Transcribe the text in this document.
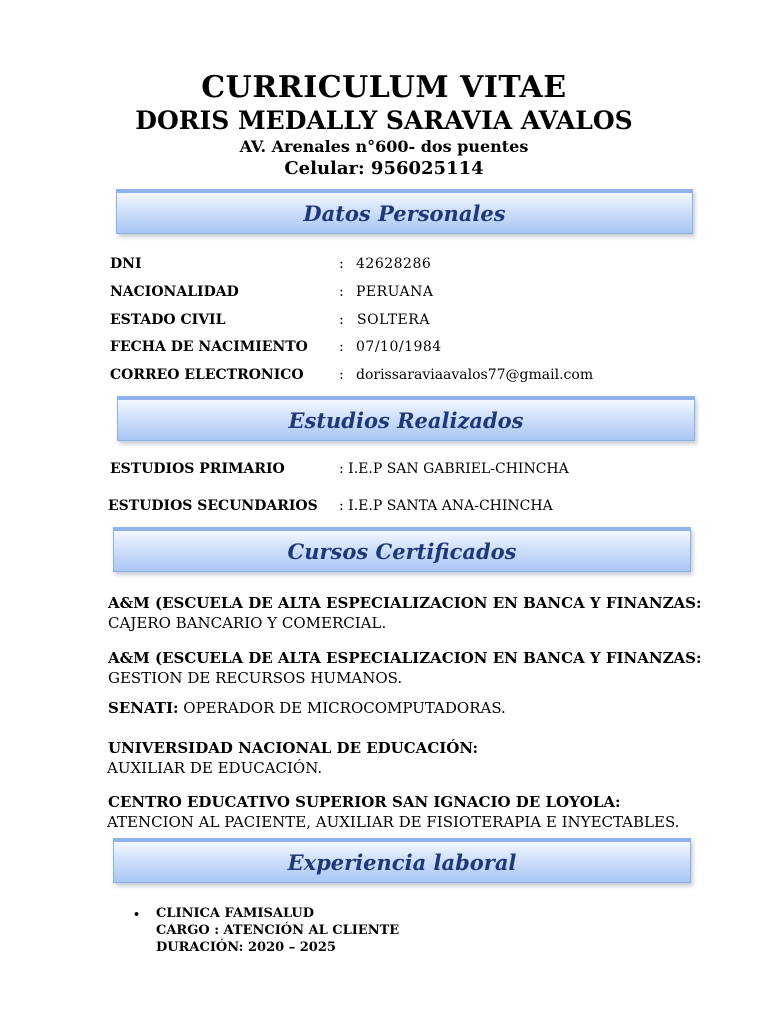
CURRICULUM VITAE
DORIS MEDALLY SARAVIA AVALOS
AV. Arenales n°600- dos puentes
Celular: 956025114
Datos Personales
DNI	: 42628286
NACIONALIDAD	: PERUANA
ESTADO CIVIL	: SOLTERA
FECHA DE NACIMIENTO : 07/10/1984
CORREO ELECTRONICO	: dorissaraviaavalos77@gmail.com
Estudios Realizados
ESTUDIOS PRIMARIO	: I.E.P SAN GABRIEL-CHINCHA
ESTUDIOS SECUNDARIOS : I.E.P SANTA ANA-CHINCHA
Cursos Certificados
A&M (ESCUELA DE ALTA ESPECIALIZACION EN BANCA Y FINANZAS:
CAJERO BANCARIO Y COMERCIAL.
A&M (ESCUELA DE ALTA ESPECIALIZACION EN BANCA Y FINANZAS:
GESTION DE RECURSOS HUMANOS.
SENATI: OPERADOR DE MICROCOMPUTADORAS.
UNIVERSIDAD NACIONAL DE EDUCACIÓN:
AUXILIAR DE EDUCACIÓN.
CENTRO EDUCATIVO SUPERIOR SAN IGNACIO DE LOYOLA:
ATENCION AL PACIENTE, AUXILIAR DE FISIOTERAPIA E INYECTABLES.
Experiencia laboral
• CLINICA FAMISALUD
CARGO : ATENCIÓN AL CLIENTE
DURACIÓN: 2020 – 2025
